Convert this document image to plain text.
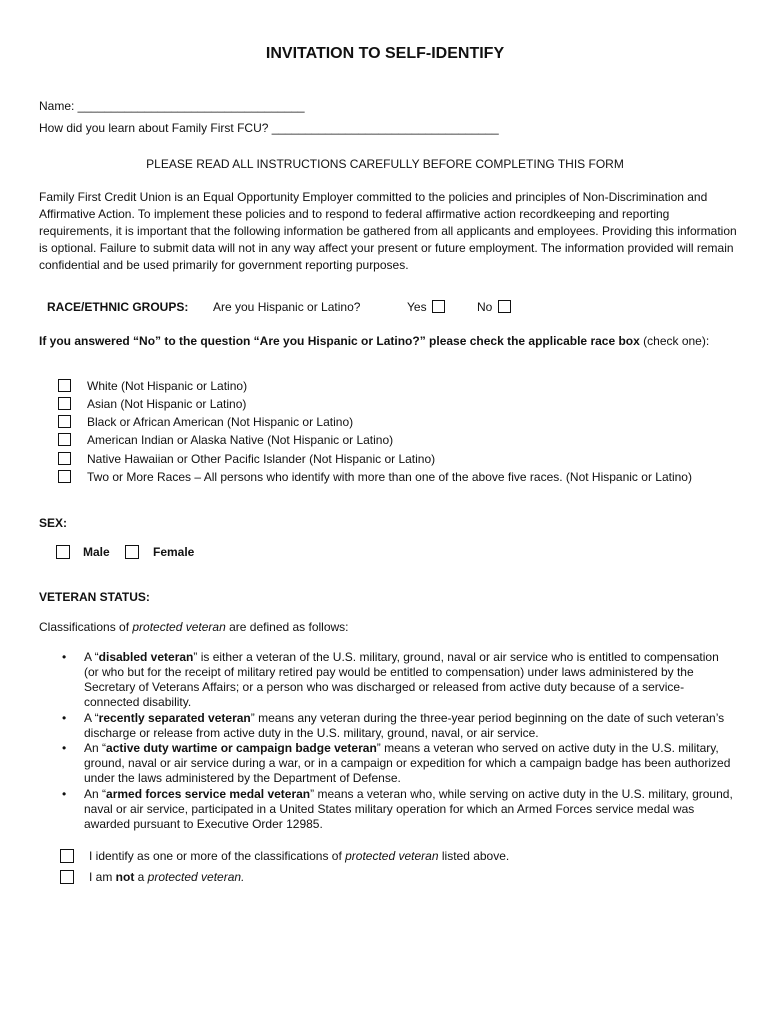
INVITATION TO SELF-IDENTIFY
Name: __________________________________
How did you learn about Family First FCU? __________________________________
PLEASE READ ALL INSTRUCTIONS CAREFULLY BEFORE COMPLETING THIS FORM
Family First Credit Union is an Equal Opportunity Employer committed to the policies and principles of Non-Discrimination and Affirmative Action. To implement these policies and to respond to federal affirmative action recordkeeping and reporting requirements, it is important that the following information be gathered from all applicants and employees. Providing this information is optional. Failure to submit data will not in any way affect your present or future employment. The information provided will remain confidential and be used primarily for government reporting purposes.
RACE/ETHNIC GROUPS: Are you Hispanic or Latino?	Yes	No
If you answered “No” to the question “Are you Hispanic or Latino?” please check the applicable race box (check one):
White (Not Hispanic or Latino)
Asian (Not Hispanic or Latino)
Black or African American (Not Hispanic or Latino)
American Indian or Alaska Native (Not Hispanic or Latino)
Native Hawaiian or Other Pacific Islander (Not Hispanic or Latino)
Two or More Races – All persons who identify with more than one of the above five races. (Not Hispanic or Latino)
SEX:
Male	Female
VETERAN STATUS:
Classifications of protected veteran are defined as follows:
• A “disabled veteran” is either a veteran of the U.S. military, ground, naval or air service who is entitled to compensation (or who but for the receipt of military retired pay would be entitled to compensation) under laws administered by the Secretary of Veterans Affairs; or a person who was discharged or released from active duty because of a service-connected disability.
• A “recently separated veteran” means any veteran during the three-year period beginning on the date of such veteran’s discharge or release from active duty in the U.S. military, ground, naval, or air service.
• An “active duty wartime or campaign badge veteran” means a veteran who served on active duty in the U.S. military, ground, naval or air service during a war, or in a campaign or expedition for which a campaign badge has been authorized under the laws administered by the Department of Defense.
• An “armed forces service medal veteran” means a veteran who, while serving on active duty in the U.S. military, ground, naval or air service, participated in a United States military operation for which an Armed Forces service medal was awarded pursuant to Executive Order 12985.
I identify as one or more of the classifications of protected veteran listed above.
I am not a protected veteran.
